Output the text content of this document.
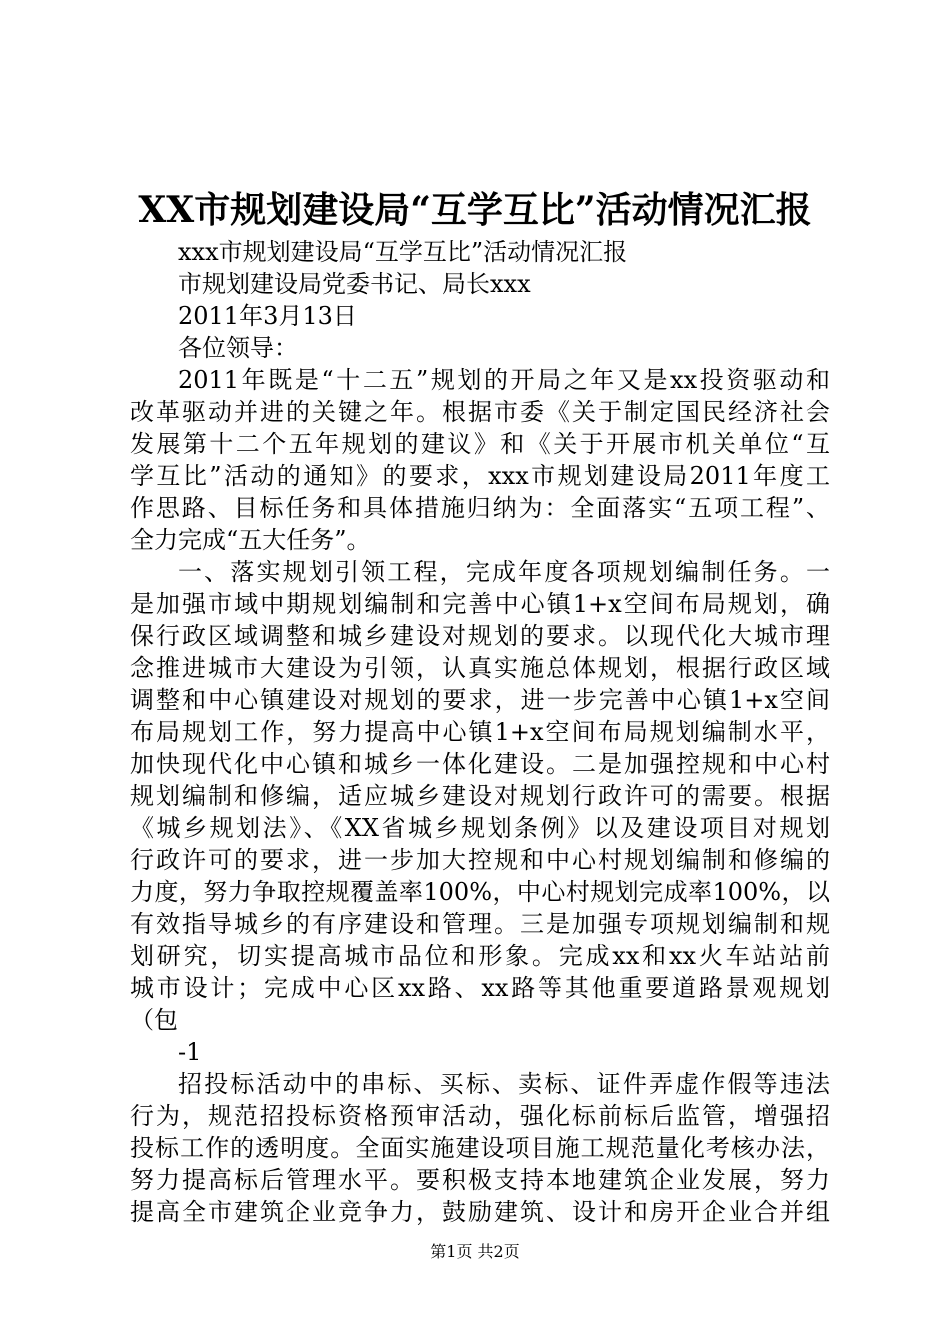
XX市规划建设局“互学互比”活动情况汇报
xxx市规划建设局“互学互比”活动情况汇报
市规划建设局党委书记、局长xxx
2011年3月13日
各位领导：
2011年既是“十二五”规划的开局之年又是xx投资驱动和
改革驱动并进的关键之年。根据市委《关于制定国民经济社会
发展第十二个五年规划的建议》和《关于开展市机关单位“互
学互比”活动的通知》的要求，xxx市规划建设局2011年度工
作思路、目标任务和具体措施归纳为：全面落实“五项工程”、
全力完成“五大任务”。
一、落实规划引领工程，完成年度各项规划编制任务。一
是加强市域中期规划编制和完善中心镇1+x空间布局规划，确
保行政区域调整和城乡建设对规划的要求。以现代化大城市理
念推进城市大建设为引领，认真实施总体规划，根据行政区域
调整和中心镇建设对规划的要求，进一步完善中心镇1+x空间
布局规划工作，努力提高中心镇1+x空间布局规划编制水平，
加快现代化中心镇和城乡一体化建设。二是加强控规和中心村
规划编制和修编，适应城乡建设对规划行政许可的需要。根据
《城乡规划法》、《XX省城乡规划条例》以及建设项目对规划
行政许可的要求，进一步加大控规和中心村规划编制和修编的
力度，努力争取控规覆盖率100%，中心村规划完成率100%，以
有效指导城乡的有序建设和管理。三是加强专项规划编制和规
划研究，切实提高城市品位和形象。完成xx和xx火车站站前
城市设计；完成中心区xx路、xx路等其他重要道路景观规划
（包
-1
招投标活动中的串标、买标、卖标、证件弄虚作假等违法
行为，规范招投标资格预审活动，强化标前标后监管，增强招
投标工作的透明度。全面实施建设项目施工规范量化考核办法，
努力提高标后管理水平。要积极支持本地建筑企业发展，努力
提高全市建筑企业竞争力，鼓励建筑、设计和房开企业合并组
第1页 共2页
